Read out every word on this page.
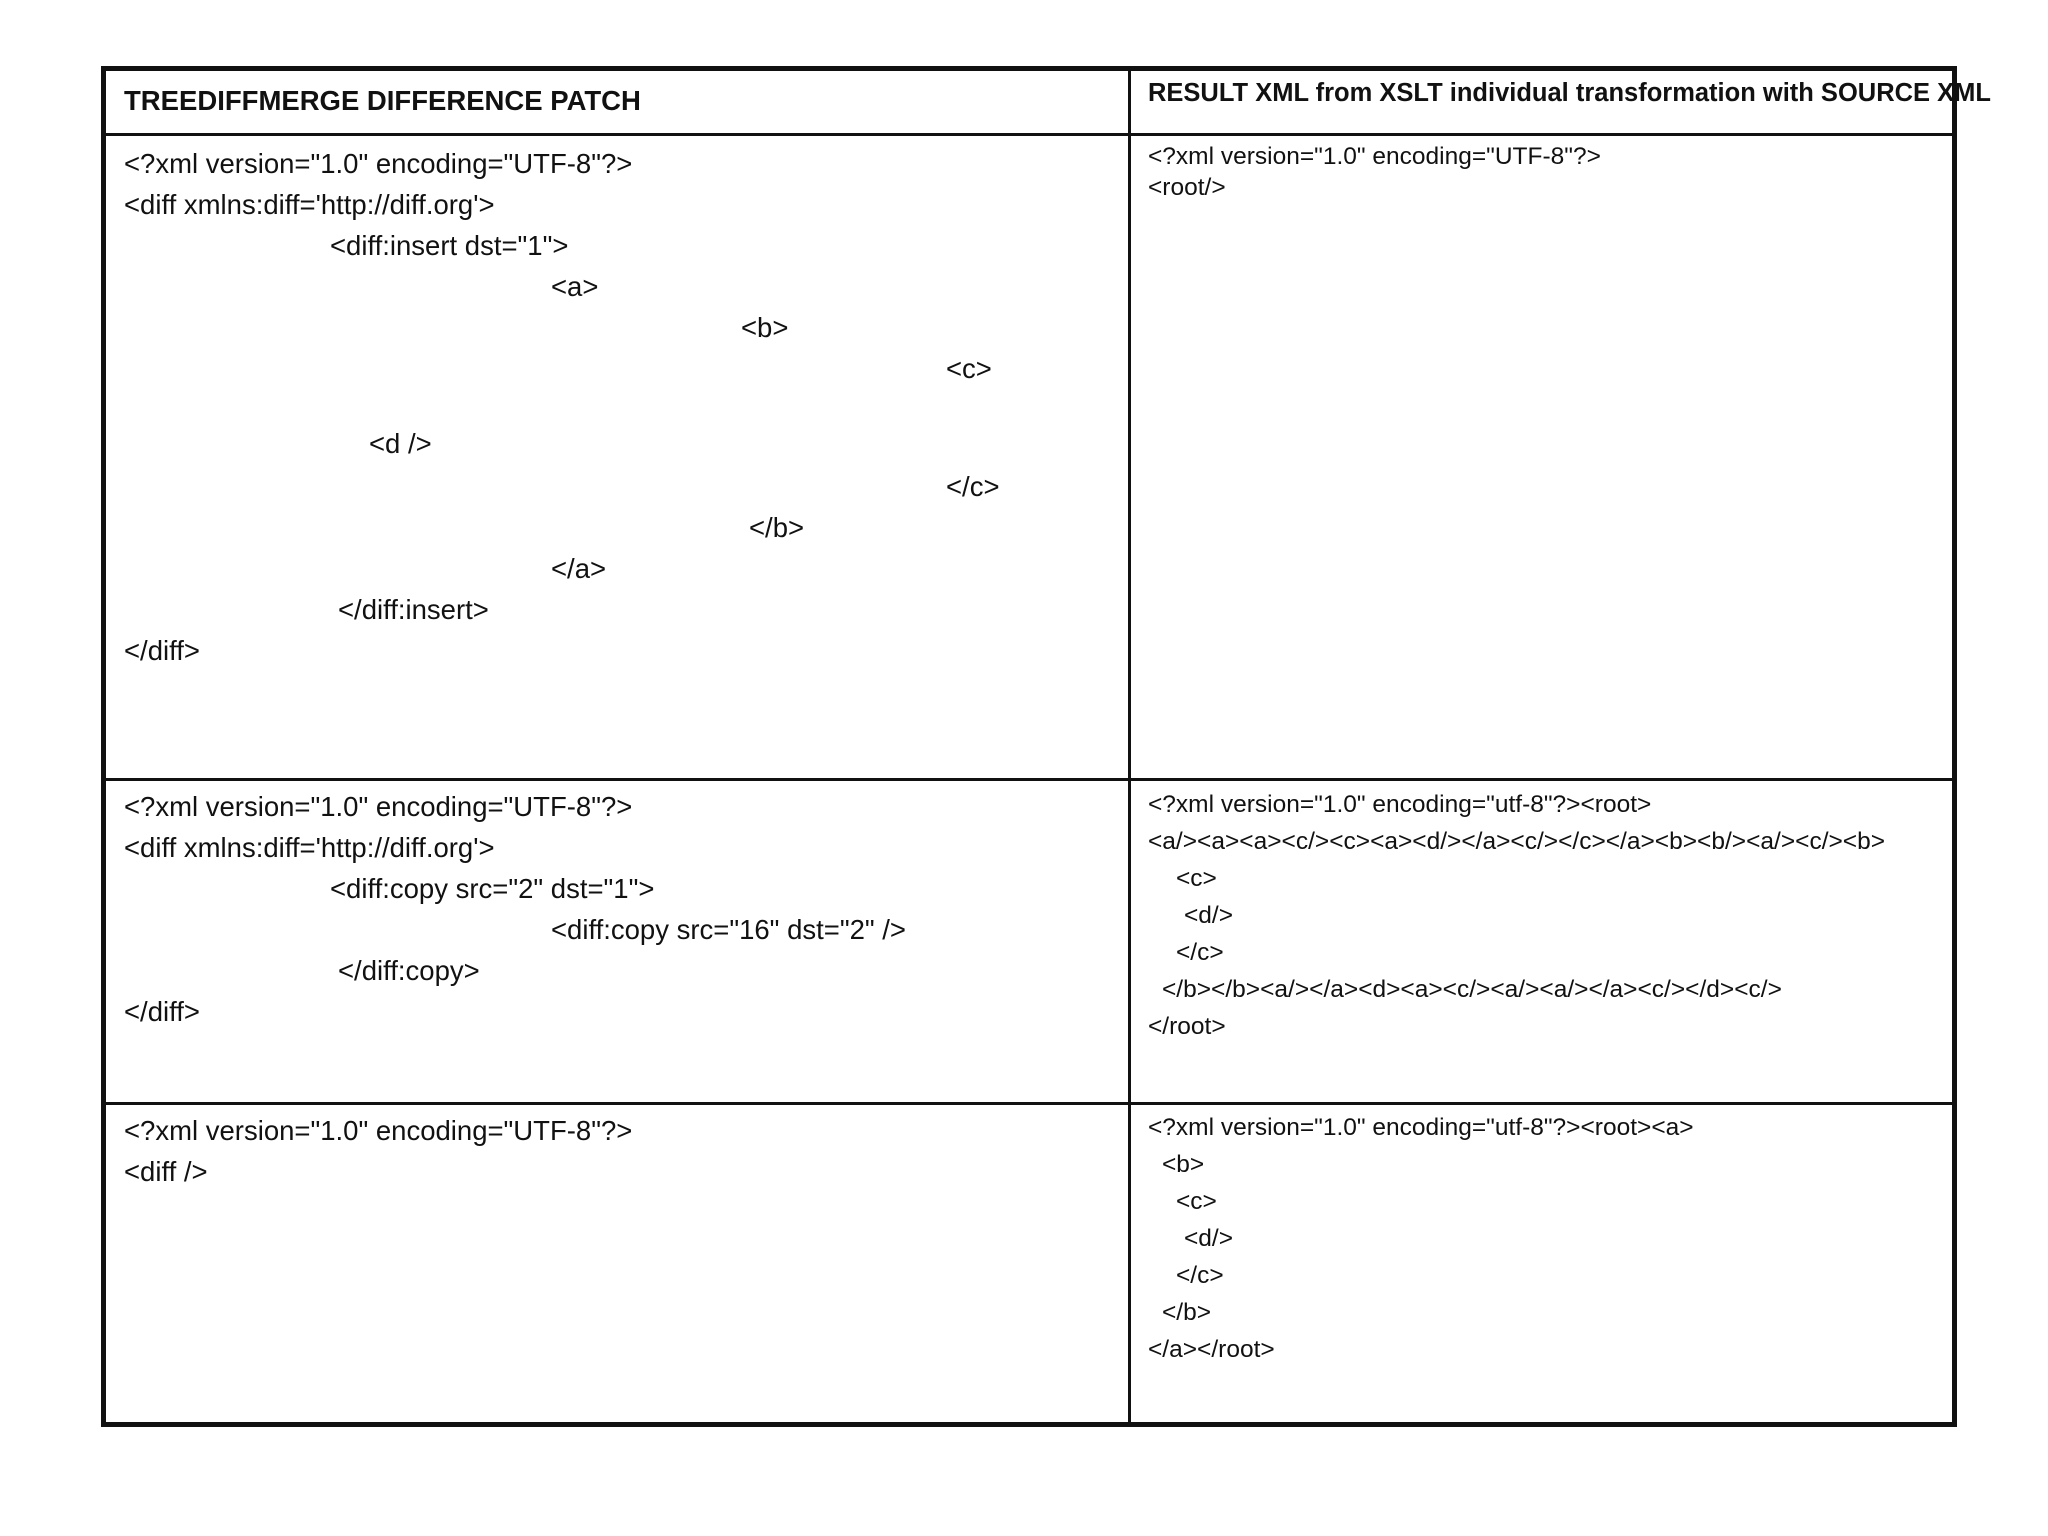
TREEDIFFMERGE DIFFERENCE PATCH	RESULT XML from XSLT individual transformation with SOURCE XML
<?xml version="1.0" encoding="UTF-8"?>
<diff xmlns:diff='http://diff.org'>
<diff:insert dst="1">
<a>
<b>
<c>
<d />
</c>
</b>
</a>
</diff:insert>
</diff>
<?xml version="1.0" encoding="UTF-8"?>
<root/>
<?xml version="1.0" encoding="UTF-8"?>
<diff xmlns:diff='http://diff.org'>
<diff:copy src="2" dst="1">
<diff:copy src="16" dst="2" />
</diff:copy>
</diff>
<?xml version="1.0" encoding="utf-8"?><root>
<a/><a><a><c/><c><a><d/></a><c/></c></a><b><b/><a/><c/><b>
<c>
<d/>
</c>
</b></b><a/></a><d><a><c/><a/><a/></a><c/></d><c/>
</root>
<?xml version="1.0" encoding="UTF-8"?>
<diff />
<?xml version="1.0" encoding="utf-8"?><root><a>
<b>
<c>
<d/>
</c>
</b>
</a></root>
